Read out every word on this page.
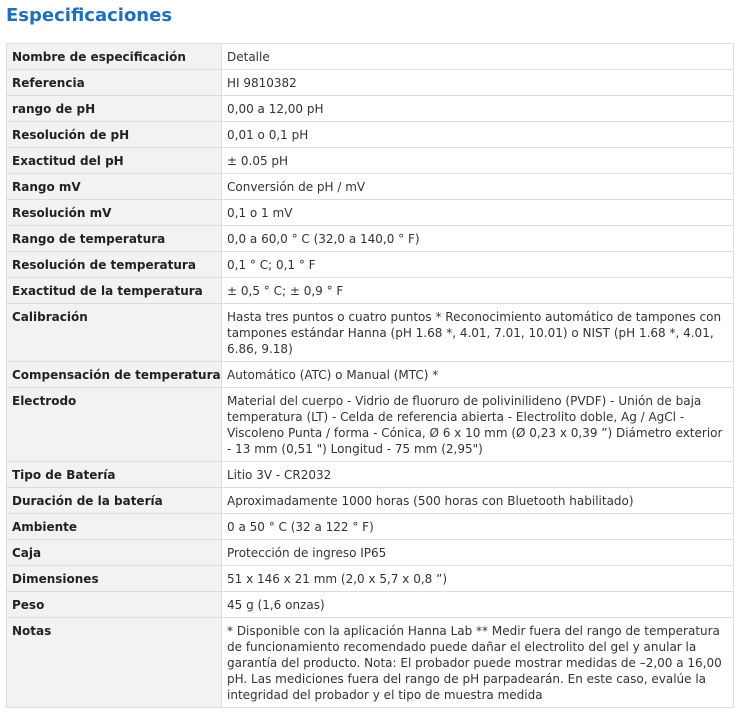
Especificaciones
Nombre de especificación	Detalle
Referencia	HI 9810382
rango de pH	0,00 a 12,00 pH
Resolución de pH	0,01 o 0,1 pH
Exactitud del pH	± 0.05 pH
Rango mV	Conversión de pH / mV
Resolución mV	0,1 o 1 mV
Rango de temperatura	0,0 a 60,0 ° C (32,0 a 140,0 ° F)
Resolución de temperatura	0,1 ° C; 0,1 ° F
Exactitud de la temperatura	± 0,5 ° C; ± 0,9 ° F
Calibración	Hasta tres puntos o cuatro puntos * Reconocimiento automático de tampones con tampones estándar Hanna (pH 1.68 *, 4.01, 7.01, 10.01) o NIST (pH 1.68 *, 4.01, 6.86, 9.18)
Compensación de temperatura	Automático (ATC) o Manual (MTC) *
Electrodo	Material del cuerpo - Vidrio de fluoruro de polivinilideno (PVDF) - Unión de baja temperatura (LT) - Celda de referencia abierta - Electrolito doble, Ag / AgCl - Viscoleno Punta / forma - Cónica, Ø 6 x 10 mm (Ø 0,23 x 0,39 ”) Diámetro exterior - 13 mm (0,51 ") Longitud - 75 mm (2,95")
Tipo de Batería	Litio 3V - CR2032
Duración de la batería	Aproximadamente 1000 horas (500 horas con Bluetooth habilitado)
Ambiente	0 a 50 ° C (32 a 122 ° F)
Caja	Protección de ingreso IP65
Dimensiones	51 x 146 x 21 mm (2,0 x 5,7 x 0,8 ”)
Peso	45 g (1,6 onzas)
Notas	* Disponible con la aplicación Hanna Lab ** Medir fuera del rango de temperatura de funcionamiento recomendado puede dañar el electrolito del gel y anular la garantía del producto. Nota: El probador puede mostrar medidas de –2,00 a 16,00 pH. Las mediciones fuera del rango de pH parpadearán. En este caso, evalúe la integridad del probador y el tipo de muestra medida
